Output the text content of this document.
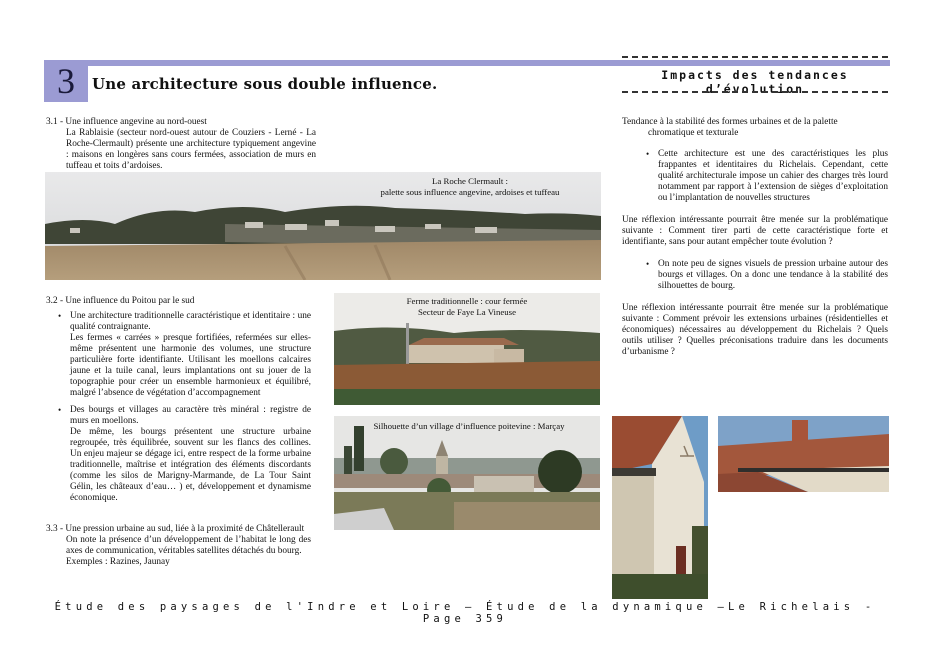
3	Une architecture sous double influence.	Impacts des tendances d’évolution
3.1 - Une influence angevine au nord-ouest
La Rablaisie (secteur nord-ouest autour de Couziers - Lerné - La Roche-Clermault) présente une architecture typiquement angevine : maisons en longères sans cours fermées, association de murs en tuffeau et toits d’ardoises.
La Roche Clermault :
palette sous influence angevine, ardoises et tuffeau
3.2 - Une influence du Poitou par le sud
• Une architecture traditionnelle caractéristique et identitaire : une qualité contraignante.
Les fermes « carrées » presque fortifiées, refermées sur elles-même présentent une harmonie des volumes, une structure particulière forte identifiante. Utilisant les moellons calcaires jaune et la tuile canal, leurs implantations ont su jouer de la topographie pour créer un ensemble harmonieux et équilibré, malgré l’absence de végétation d’accompagnement
• Des bourgs et villages au caractère très minéral : registre de murs en moellons.
De même, les bourgs présentent une structure urbaine regroupée, très équilibrée, souvent sur les flancs des collines. Un enjeu majeur se dégage ici, entre respect de la forme urbaine traditionnelle, maîtrise et intégration des éléments discordants (comme les silos de Marigny-Marmande, de La Tour Saint Gélin, les châteaux d’eau… ) et, développement et dynamisme économique.
3.3 - Une pression urbaine au sud, liée à la proximité de Châtellerault
On note la présence d’un développement de l’habitat le long des axes de communication, véritables satellites détachés du bourg.
Exemples : Razines, Jaunay
Ferme traditionnelle : cour fermée
Secteur de Faye La Vineuse
Silhouette d’un village d’influence poitevine : Marçay
Tendance à la stabilité des formes urbaines et de la palette
chromatique et texturale
• Cette architecture est une des caractéristiques les plus frappantes et identitaires du Richelais. Cependant, cette qualité architecturale impose un cahier des charges très lourd notamment par rapport à l’extension de sièges d’exploitation ou l’implantation de nouvelles structures
Une réflexion intéressante pourrait être menée sur la problématique suivante : Comment tirer parti de cette caractéristique forte et identifiante, sans pour autant empêcher toute évolution ?
• On note peu de signes visuels de pression urbaine autour des bourgs et villages. On a donc une tendance à la stabilité des silhouettes de bourg.
Une réflexion intéressante pourrait être menée sur la problématique suivante : Comment prévoir les extensions urbaines (résidentielles et économiques) nécessaires au développement du Richelais ? Quels outils utiliser ? Quelles préconisations traduire dans les documents d’urbanisme ?
Étude des paysages de l'Indre et Loire – Étude de la dynamique –Le Richelais - Page 359
